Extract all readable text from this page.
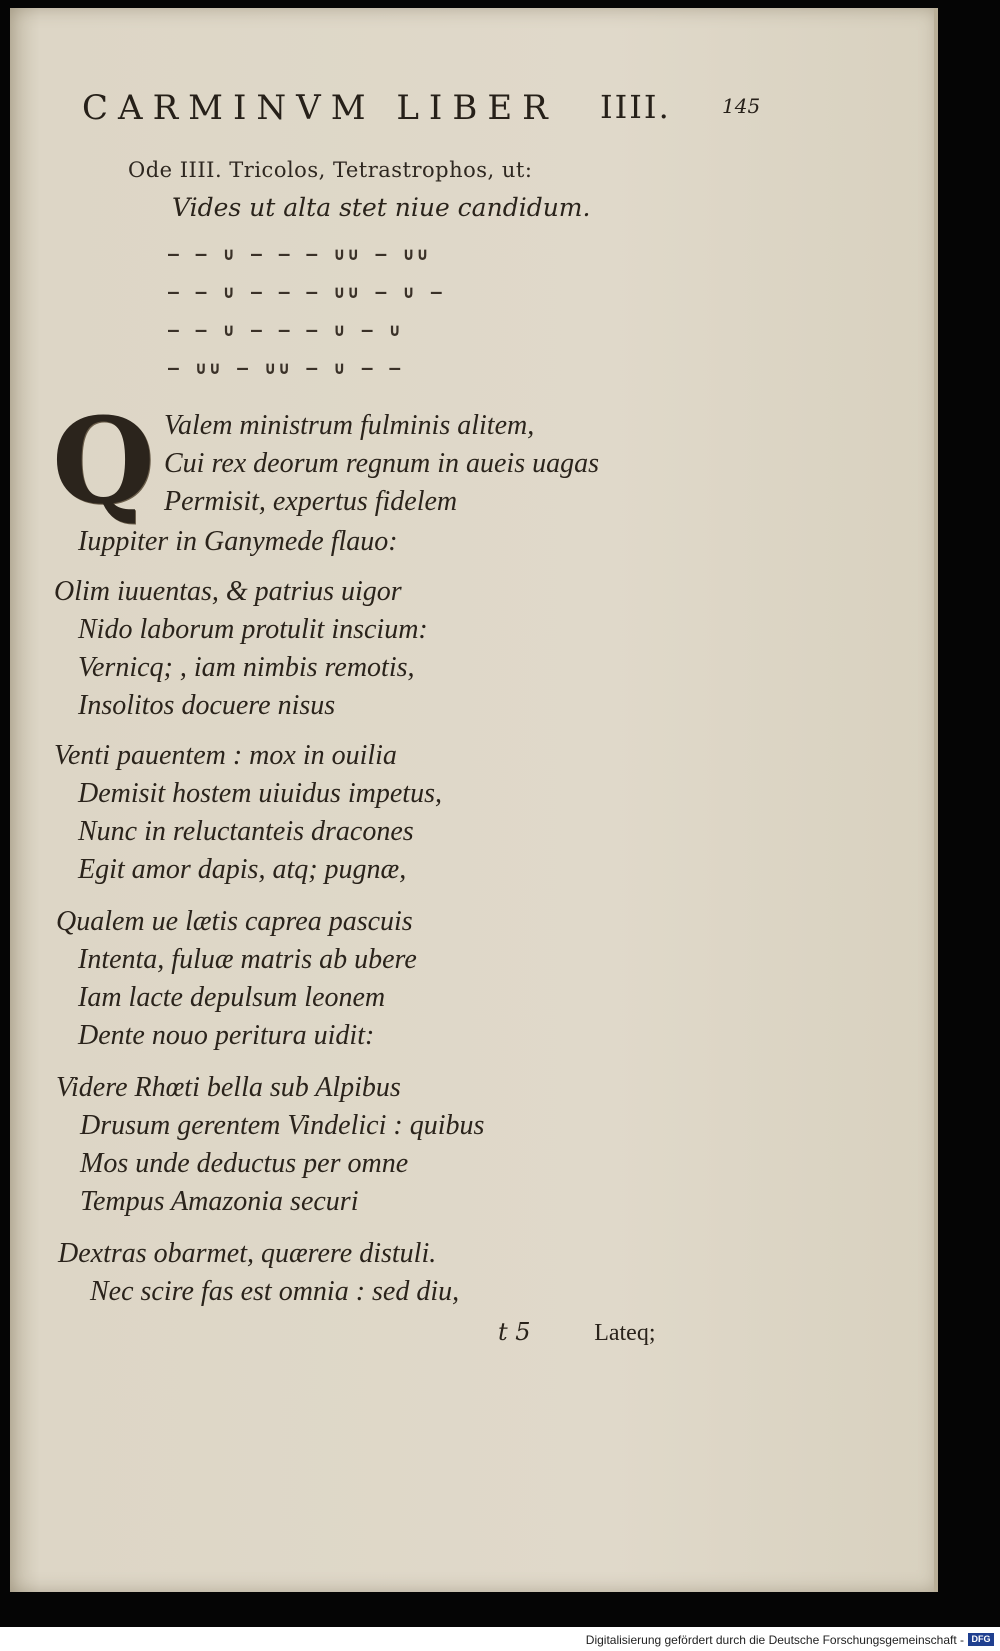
CARMINVM LIBER IIII.	145
Ode IIII. Tricolos, Tetrastrophos, ut:
Vides ut alta stet niue candidum.
– – ∪ – – – ∪∪ – ∪∪
– – ∪ – – – ∪∪ – ∪ –
– – ∪ – – – ∪ – ∪
– ∪∪ – ∪∪ – ∪ – –
Q Valem ministrum fulminis alitem,
Cui rex deorum regnum in aueis uagas
Permisit, expertus fidelem
Iuppiter in Ganymede flauo:
Olim iuuentas, & patrius uigor
Nido laborum protulit inscium:
Vernicq; , iam nimbis remotis,
Insolitos docuere nisus
Venti pauentem : mox in ouilia
Demisit hostem uiuidus impetus,
Nunc in reluctanteis dracones
Egit amor dapis, atq; pugnæ,
Qualem ue lætis caprea pascuis
Intenta, fuluæ matris ab ubere
Iam lacte depulsum leonem
Dente nouo peritura uidit:
Videre Rhœti bella sub Alpibus
Drusum gerentem Vindelici : quibus
Mos unde deductus per omne
Tempus Amazonia securi
Dextras obarmet, quærere distuli.
Nec scire fas est omnia : sed diu,
t 5	Lateq;
Digitalisierung gefördert durch die Deutsche Forschungsgemeinschaft - DFG
